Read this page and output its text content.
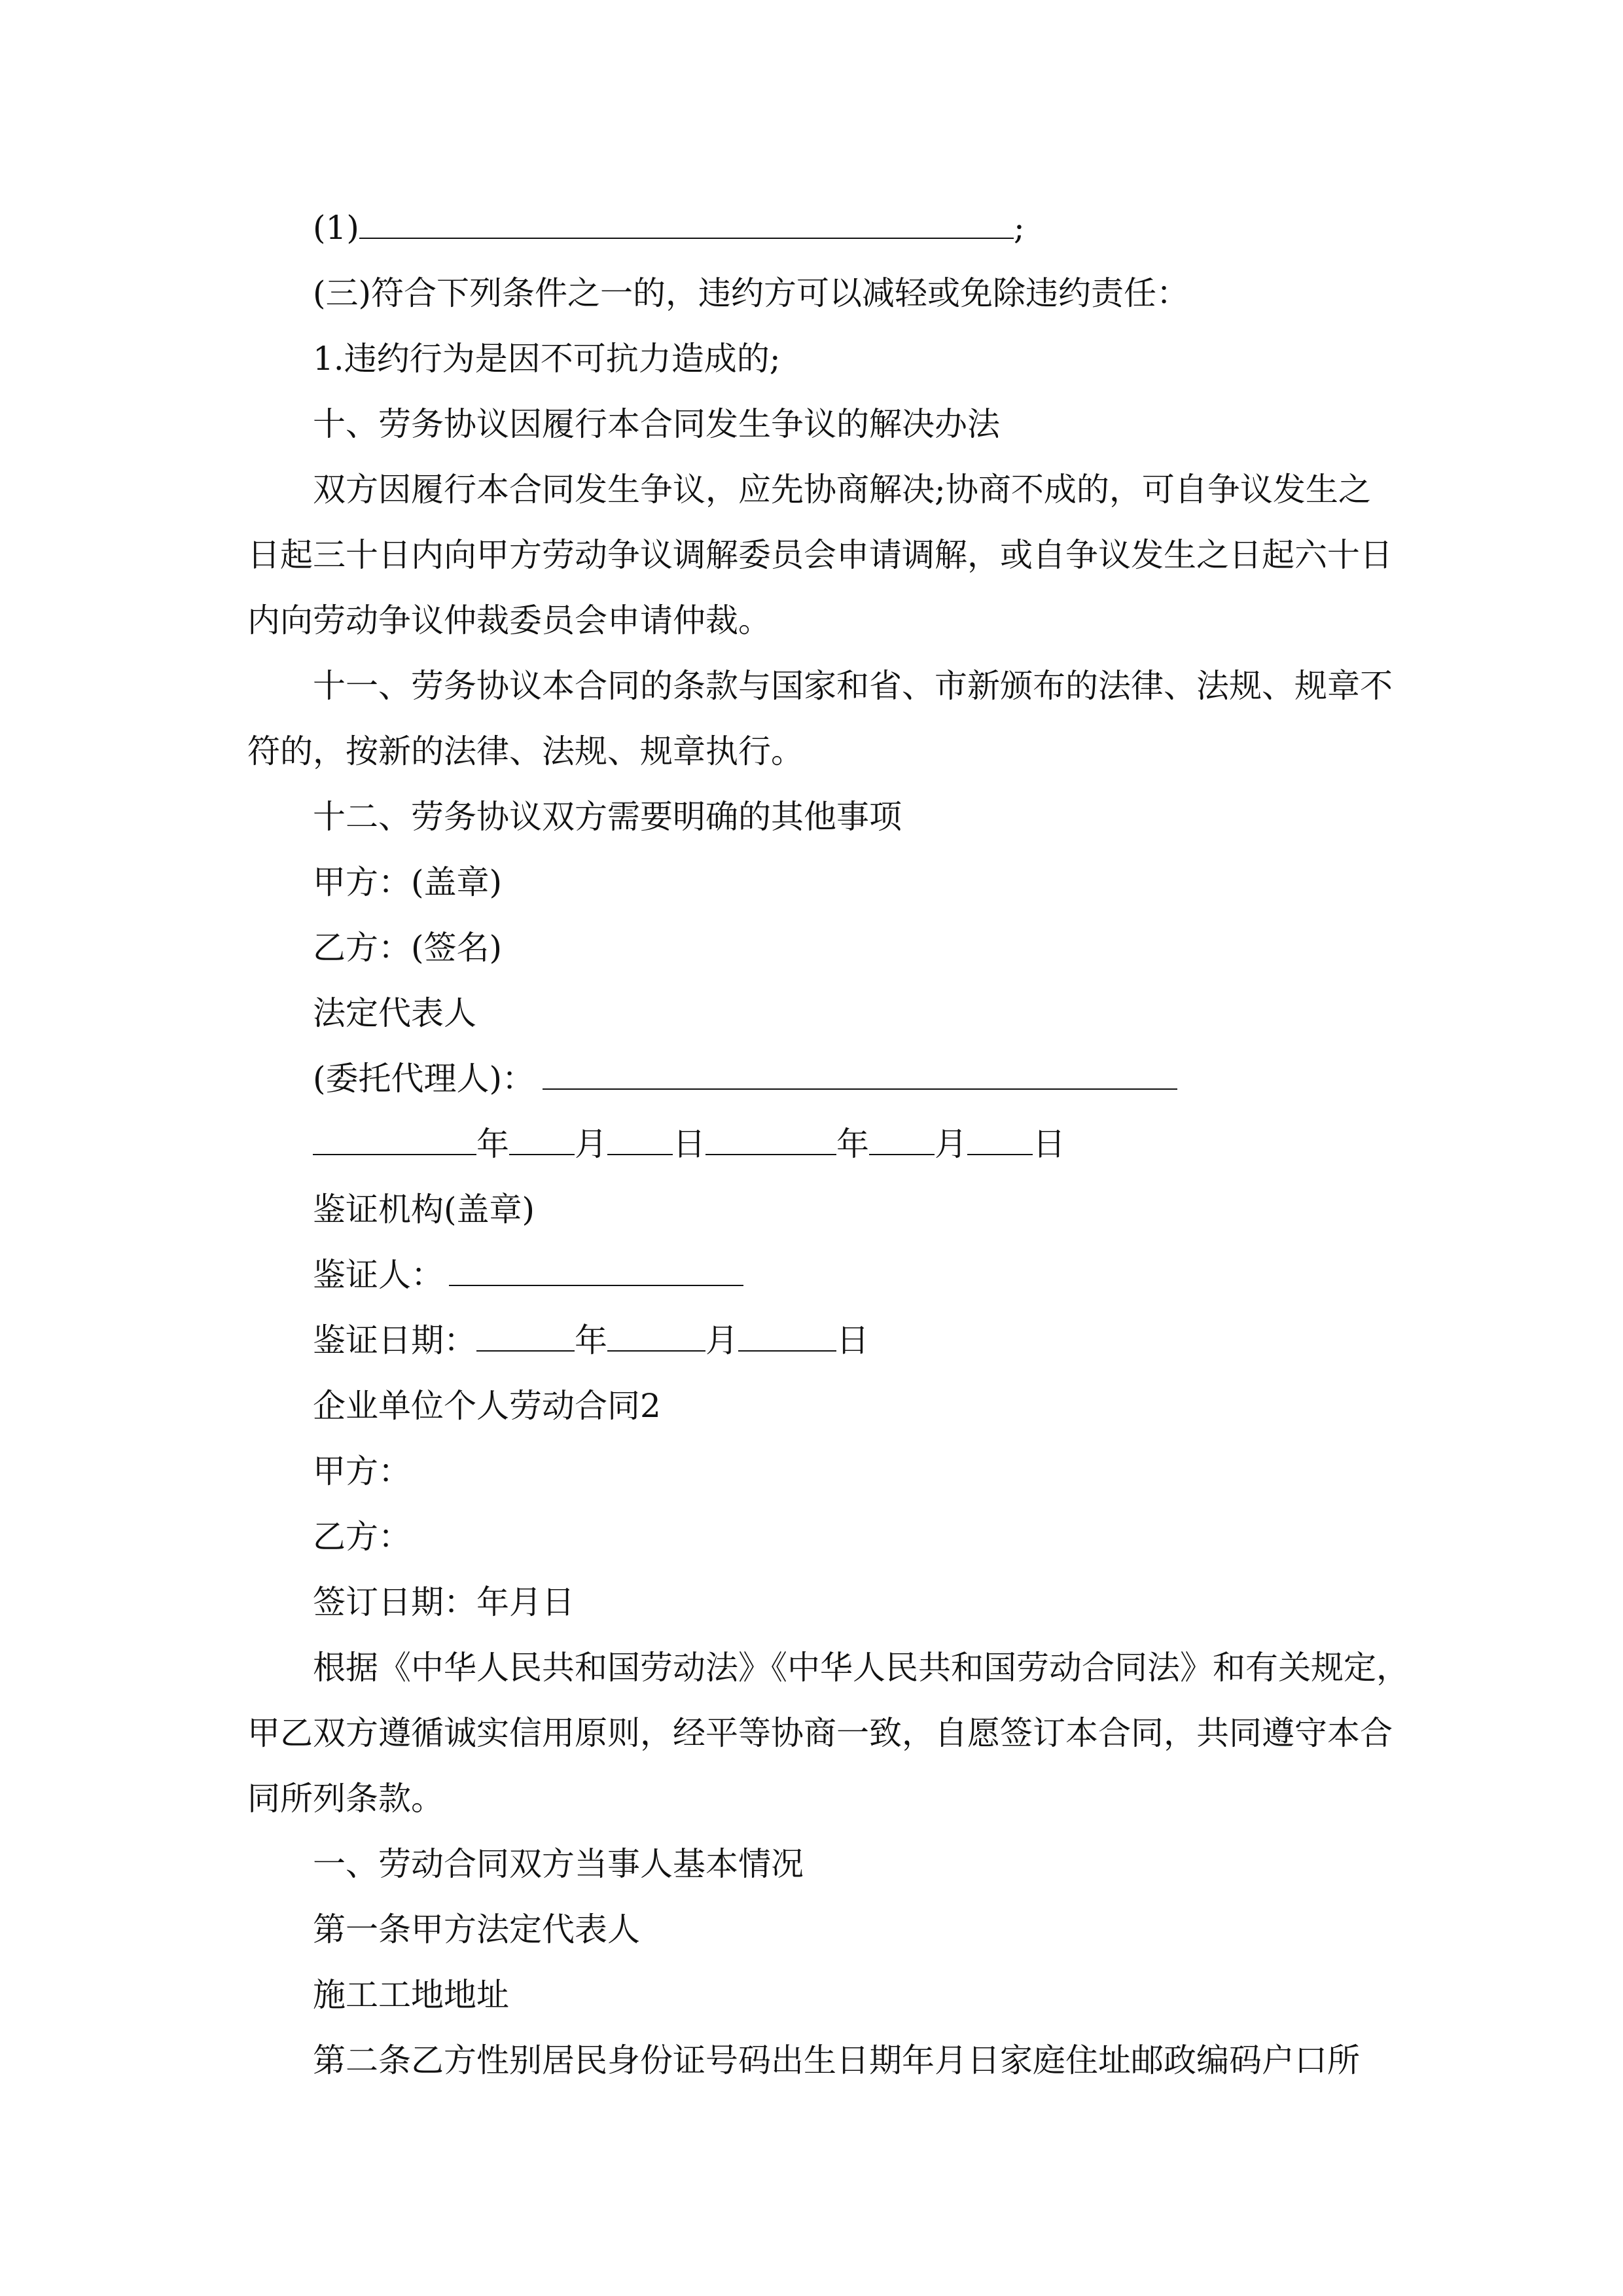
(1)	;
(三)符合下列条件之一的，违约方可以减轻或免除违约责任：
1.违约行为是因不可抗力造成的;
十、劳务协议因履行本合同发生争议的解决办法
双方因履行本合同发生争议，应先协商解决;协商不成的，可自争议发生之
日起三十日内向甲方劳动争议调解委员会申请调解，或自争议发生之日起六十日
内向劳动争议仲裁委员会申请仲裁。
十一、劳务协议本合同的条款与国家和省、市新颁布的法律、法规、规章不
符的，按新的法律、法规、规章执行。
十二、劳务协议双方需要明确的其他事项
甲方：(盖章)
乙方：(签名)
法定代表人
(委托代理人)：
年 月 日	年 月 日
鉴证机构(盖章)
鉴证人：
鉴证日期：	年	月	日
企业单位个人劳动合同2
甲方：
乙方：
签订日期：年月日
根据《中华人民共和国劳动法》《中华人民共和国劳动合同法》和有关规定，
甲乙双方遵循诚实信用原则，经平等协商一致，自愿签订本合同，共同遵守本合
同所列条款。
一、劳动合同双方当事人基本情况
第一条甲方法定代表人
施工工地地址
第二条乙方性别居民身份证号码出生日期年月日家庭住址邮政编码户口所
